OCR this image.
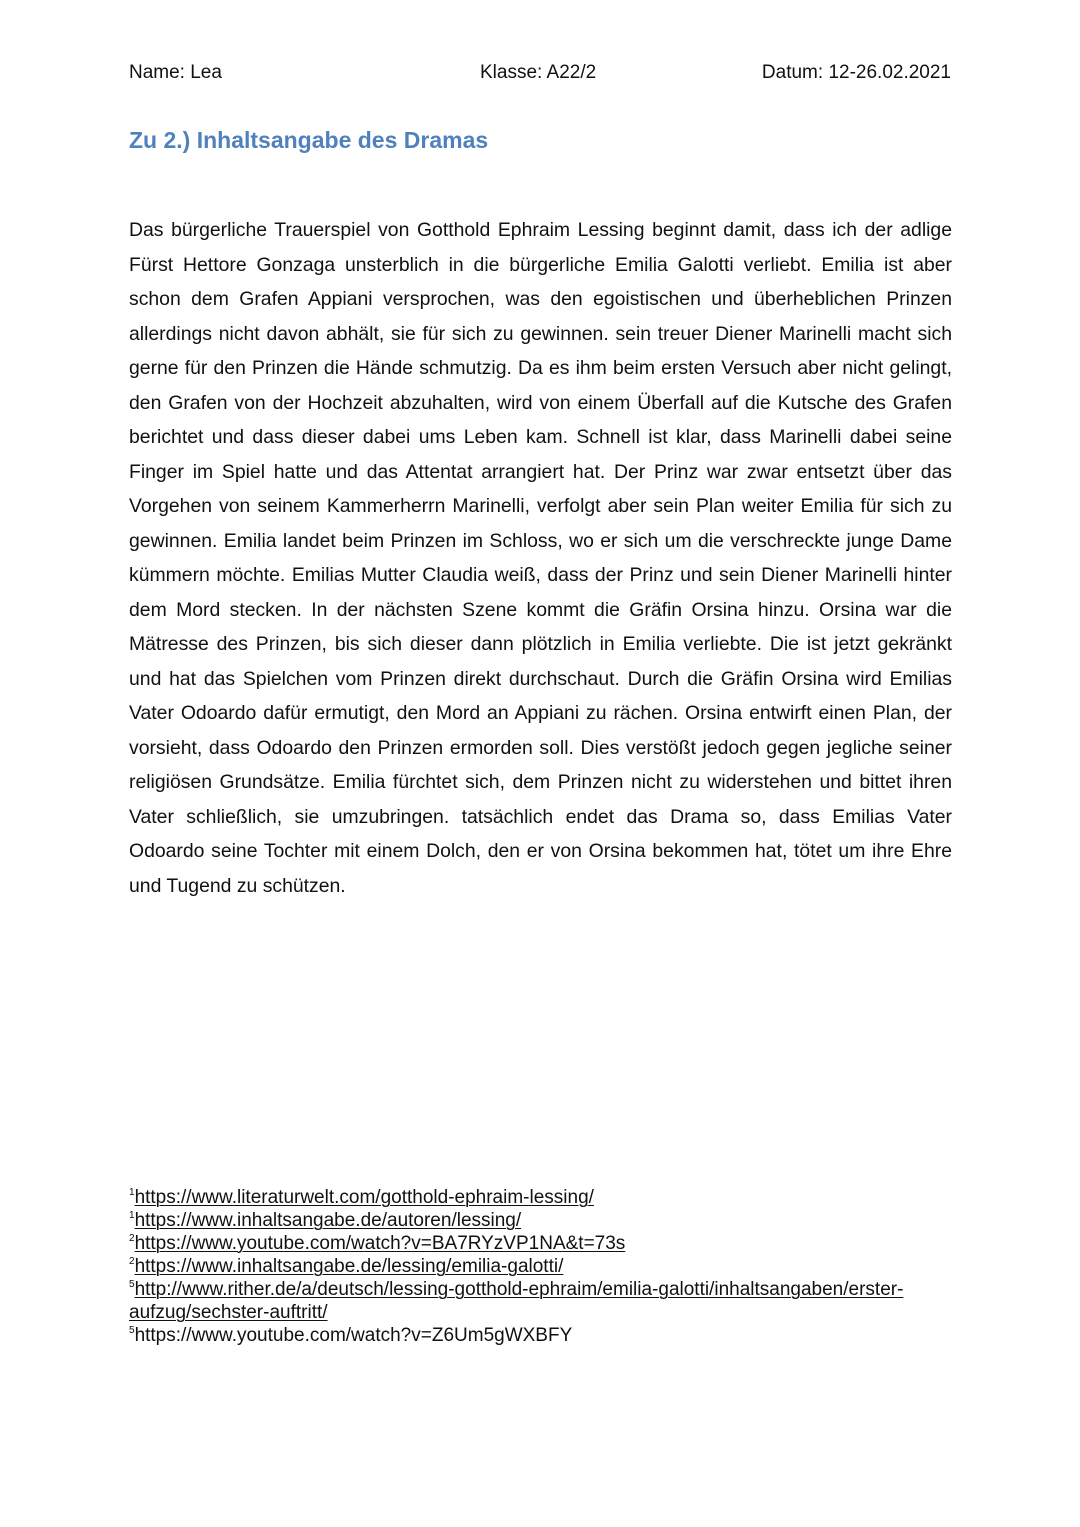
Name: Lea	Klasse: A22/2	Datum: 12-26.02.2021
Zu 2.) Inhaltsangabe des Dramas

Das bürgerliche Trauerspiel von Gotthold Ephraim Lessing beginnt damit, dass ich der adlige Fürst Hettore Gonzaga unsterblich in die bürgerliche Emilia Galotti verliebt. Emilia ist aber schon dem Grafen Appiani versprochen, was den egoistischen und überheblichen Prinzen allerdings nicht davon abhält, sie für sich zu gewinnen. sein treuer Diener Marinelli macht sich gerne für den Prinzen die Hände schmutzig. Da es ihm beim ersten Versuch aber nicht gelingt, den Grafen von der Hochzeit abzuhalten, wird von einem Überfall auf die Kutsche des Grafen berichtet und dass dieser dabei ums Leben kam. Schnell ist klar, dass Marinelli dabei seine Finger im Spiel hatte und das Attentat arrangiert hat. Der Prinz war zwar entsetzt über das Vorgehen von seinem Kammerherrn Marinelli, verfolgt aber sein Plan weiter Emilia für sich zu gewinnen. Emilia landet beim Prinzen im Schloss, wo er sich um die verschreckte junge Dame kümmern möchte. Emilias Mutter Claudia weiß, dass der Prinz und sein Diener Marinelli hinter dem Mord stecken. In der nächsten Szene kommt die Gräfin Orsina hinzu. Orsina war die Mätresse des Prinzen, bis sich dieser dann plötzlich in Emilia verliebte. Die ist jetzt gekränkt und hat das Spielchen vom Prinzen direkt durchschaut. Durch die Gräfin Orsina wird Emilias Vater Odoardo dafür ermutigt, den Mord an Appiani zu rächen. Orsina entwirft einen Plan, der vorsieht, dass Odoardo den Prinzen ermorden soll. Dies verstößt jedoch gegen jegliche seiner religiösen Grundsätze. Emilia fürchtet sich, dem Prinzen nicht zu widerstehen und bittet ihren Vater schließlich, sie umzubringen. tatsächlich endet das Drama so, dass Emilias Vater Odoardo seine Tochter mit einem Dolch, den er von Orsina bekommen hat, tötet um ihre Ehre und Tugend zu schützen.

$^1$https://www.literaturwelt.com/gotthold-ephraim-lessing/
$^1$https://www.inhaltsangabe.de/autoren/lessing/
$^2$https://www.youtube.com/watch?v=BA7RYzVP1NA&t=73s
$^2$https://www.inhaltsangabe.de/lessing/emilia-galotti/
$^5$http://www.rither.de/a/deutsch/lessing-gotthold-ephraim/emilia-galotti/inhaltsangaben/erster-aufzug/sechster-auftritt/
$^5$https://www.youtube.com/watch?v=Z6Um5gWXBFY
